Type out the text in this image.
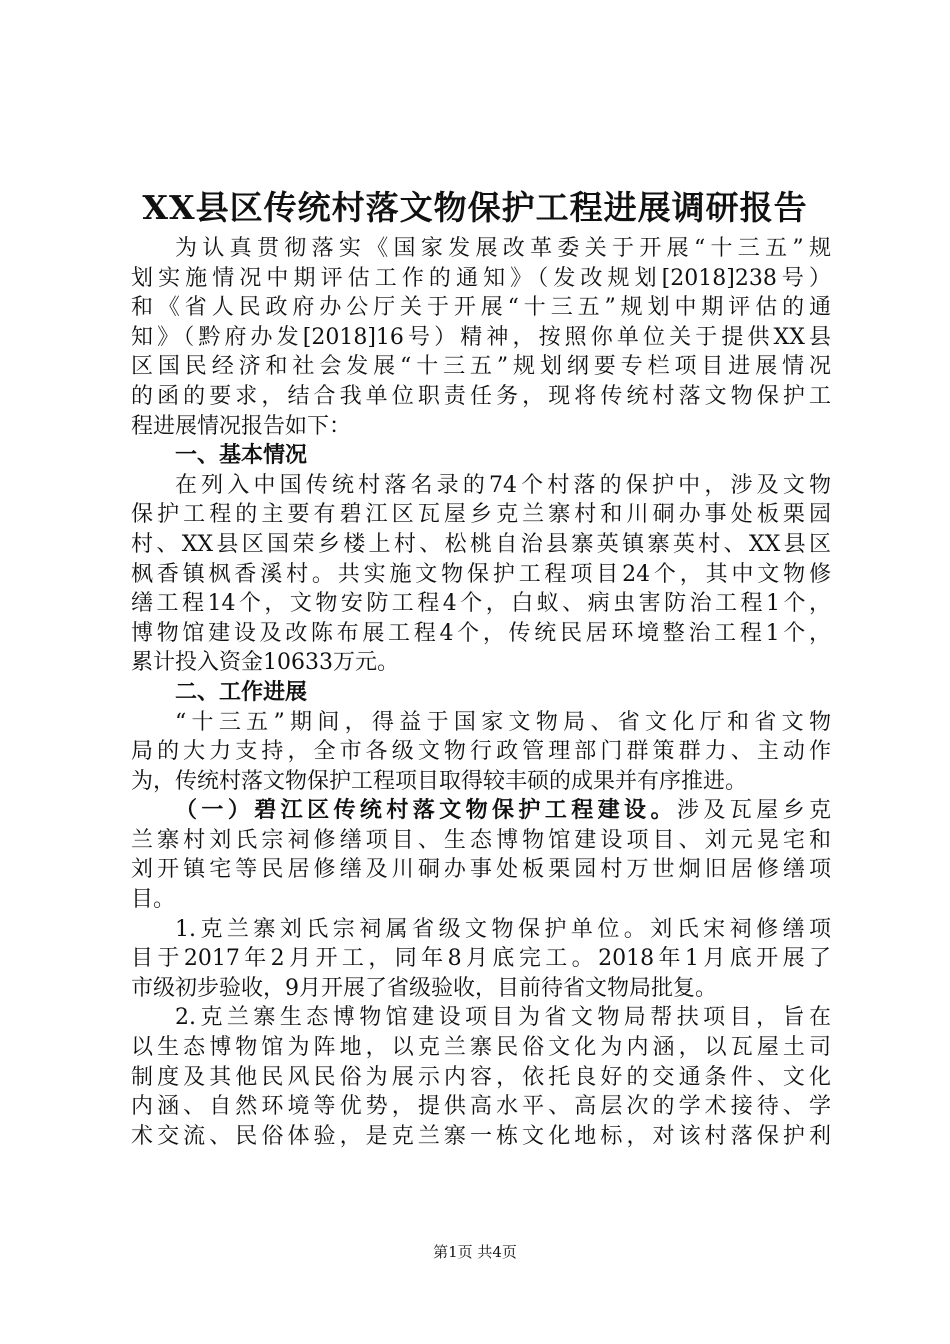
XX县区传统村落文物保护工程进展调研报告
为认真贯彻落实《国家发展改革委关于开展“十三五”规
划实施情况中期评估工作的通知》（发改规划[2018]238号）
和《省人民政府办公厅关于开展“十三五”规划中期评估的通
知》（黔府办发[2018]16号）精神，按照你单位关于提供XX县
区国民经济和社会发展“十三五”规划纲要专栏项目进展情况
的函的要求，结合我单位职责任务，现将传统村落文物保护工
程进展情况报告如下：
一、基本情况
在列入中国传统村落名录的74个村落的保护中，涉及文物
保护工程的主要有碧江区瓦屋乡克兰寨村和川硐办事处板栗园
村、XX县区国荣乡楼上村、松桃自治县寨英镇寨英村、XX县区
枫香镇枫香溪村。共实施文物保护工程项目24个，其中文物修
缮工程14个，文物安防工程4个，白蚁、病虫害防治工程1个，
博物馆建设及改陈布展工程4个，传统民居环境整治工程1个，
累计投入资金10633万元。
二、工作进展
“十三五”期间，得益于国家文物局、省文化厅和省文物
局的大力支持，全市各级文物行政管理部门群策群力、主动作
为，传统村落文物保护工程项目取得较丰硕的成果并有序推进。
（一）碧江区传统村落文物保护工程建设。涉及瓦屋乡克
兰寨村刘氏宗祠修缮项目、生态博物馆建设项目、刘元晃宅和
刘开镇宅等民居修缮及川硐办事处板栗园村万世炯旧居修缮项
目。
1.克兰寨刘氏宗祠属省级文物保护单位。刘氏宋祠修缮项
目于2017年2月开工，同年8月底完工。2018年1月底开展了
市级初步验收，9月开展了省级验收，目前待省文物局批复。
2.克兰寨生态博物馆建设项目为省文物局帮扶项目，旨在
以生态博物馆为阵地，以克兰寨民俗文化为内涵，以瓦屋土司
制度及其他民风民俗为展示内容，依托良好的交通条件、文化
内涵、自然环境等优势，提供高水平、高层次的学术接待、学
术交流、民俗体验，是克兰寨一栋文化地标，对该村落保护利
第1页 共4页
